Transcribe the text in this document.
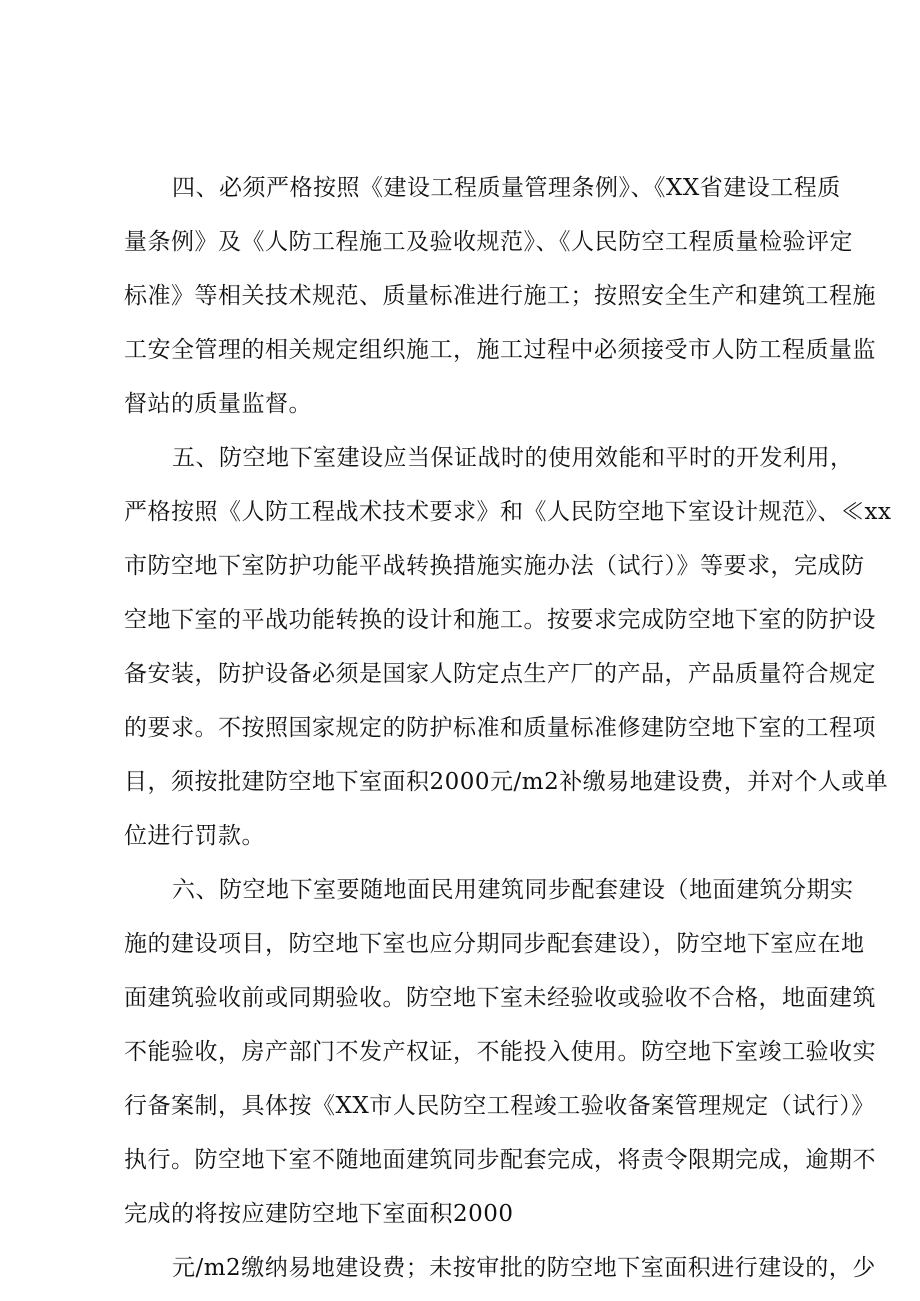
四、必须严格按照《建设工程质量管理条例》、《XX省建设工程质
量条例》及《人防工程施工及验收规范》、《人民防空工程质量检验评定
标准》等相关技术规范、质量标准进行施工；按照安全生产和建筑工程施
工安全管理的相关规定组织施工，施工过程中必须接受市人防工程质量监
督站的质量监督。
五、防空地下室建设应当保证战时的使用效能和平时的开发利用，
严格按照《人防工程战术技术要求》和《人民防空地下室设计规范》、≪xx
市防空地下室防护功能平战转换措施实施办法（试行）》等要求，完成防
空地下室的平战功能转换的设计和施工。按要求完成防空地下室的防护设
备安装，防护设备必须是国家人防定点生产厂的产品，产品质量符合规定
的要求。不按照国家规定的防护标准和质量标准修建防空地下室的工程项
目，须按批建防空地下室面积2000元/m2补缴易地建设费，并对个人或单
位进行罚款。
六、防空地下室要随地面民用建筑同步配套建设（地面建筑分期实
施的建设项目，防空地下室也应分期同步配套建设），防空地下室应在地
面建筑验收前或同期验收。防空地下室未经验收或验收不合格，地面建筑
不能验收，房产部门不发产权证，不能投入使用。防空地下室竣工验收实
行备案制，具体按《XX市人民防空工程竣工验收备案管理规定（试行）》
执行。防空地下室不随地面建筑同步配套完成，将责令限期完成，逾期不
完成的将按应建防空地下室面积2000
元/m2缴纳易地建设费；未按审批的防空地下室面积进行建设的，少
